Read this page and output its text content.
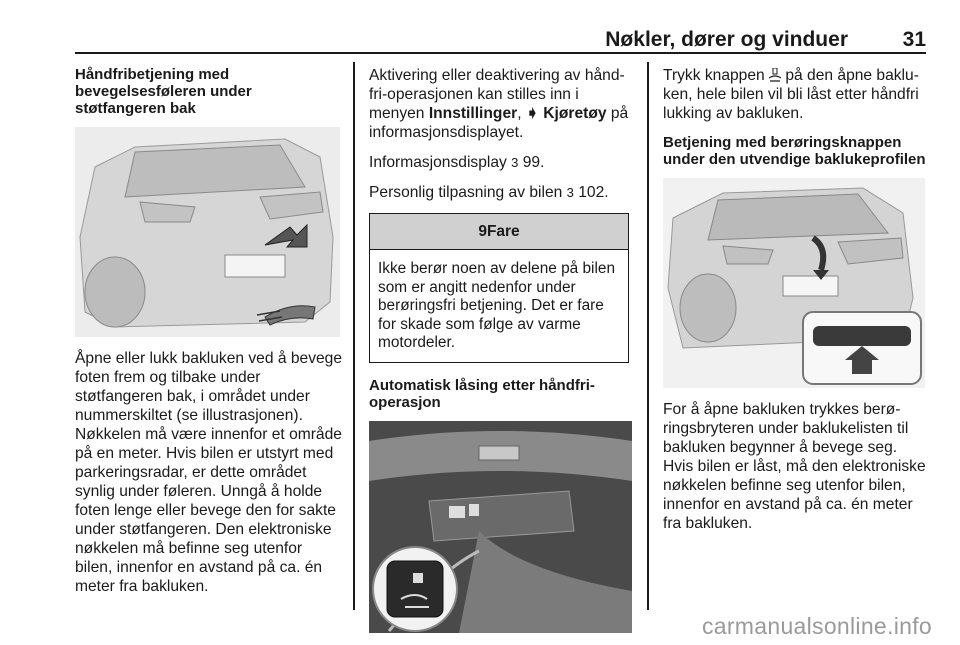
Nøkler, dører og vinduer	31
Håndfribetjening med bevegelsesføleren under støtfangeren bak

Åpne eller lukk bakluken ved å bevege foten frem og tilbake under støtfangeren bak, i området under nummerskiltet (se illustrasjonen). Nøkkelen må være innenfor et område på en meter. Hvis bilen er utstyrt med parkeringsradar, er dette området synlig under føleren. Unngå å holde foten lenge eller bevege den for sakte under støtfangeren. Den elektroniske nøkkelen må befinne seg utenfor bilen, innenfor en avstand på ca. én meter fra bakluken.

Aktivering eller deaktivering av håndfri-operasjonen kan stilles inn i menyen Innstillinger, ➧ Kjøretøy på informasjonsdisplayet.

Informasjonsdisplay 3 99.

Personlig tilpasning av bilen 3 102.

9Fare
Ikke berør noen av delene på bilen som er angitt nedenfor under berøringsfri betjening. Det er fare for skade som følge av varme motordeler.
Automatisk låsing etter håndfrioperasjon

Trykk knappen  på den åpne bakluken, hele bilen vil bli låst etter håndfri lukking av bakluken.

Betjening med berøringsknappen under den utvendige baklukeprofilen

For å åpne bakluken trykkes berøringsbryteren under baklukelisten til bakluken begynner å bevege seg. Hvis bilen er låst, må den elektroniske nøkkelen befinne seg utenfor bilen, innenfor en avstand på ca. én meter fra bakluken.

carmanualsonline.info
